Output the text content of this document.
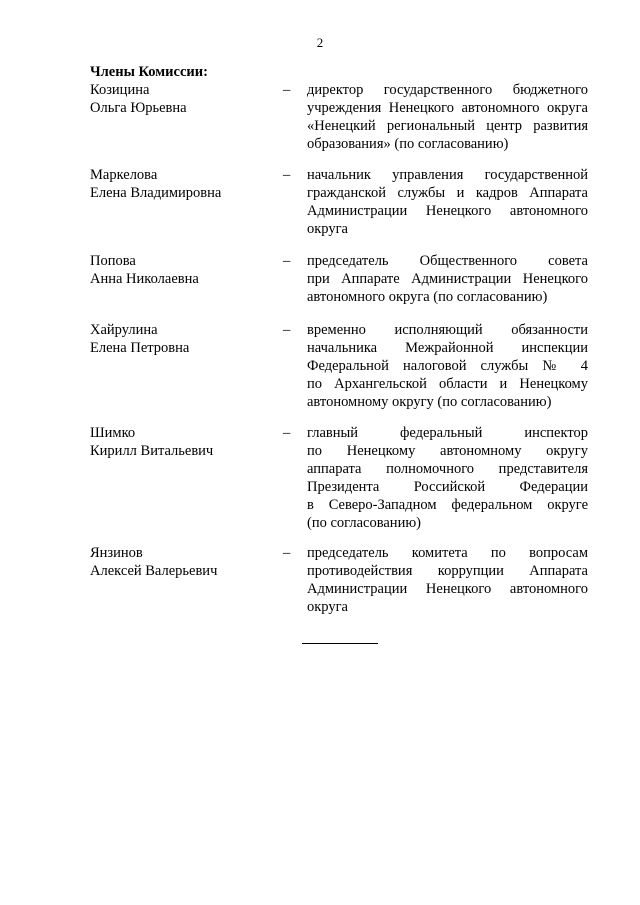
2
Члены Комиссии:
Козицина
Ольга Юрьевна
– директор государственного бюджетного
учреждения Ненецкого автономного округа
«Ненецкий региональный центр развития
образования» (по согласованию)
Маркелова
Елена Владимировна
– начальник управления государственной
гражданской службы и кадров Аппарата
Администрации Ненецкого автономного
округа
Попова
Анна Николаевна
– председатель Общественного совета
при Аппарате Администрации Ненецкого
автономного округа (по согласованию)
Хайрулина
Елена Петровна
– временно исполняющий обязанности
начальника Межрайонной инспекции
Федеральной налоговой службы № 4
по Архангельской области и Ненецкому
автономному округу (по согласованию)
Шимко
Кирилл Витальевич
– главный федеральный инспектор
по Ненецкому автономному округу
аппарата полномочного представителя
Президента Российской Федерации
в Северо-Западном федеральном округе
(по согласованию)
Янзинов
Алексей Валерьевич
– председатель комитета по вопросам
противодействия коррупции Аппарата
Администрации Ненецкого автономного
округа
